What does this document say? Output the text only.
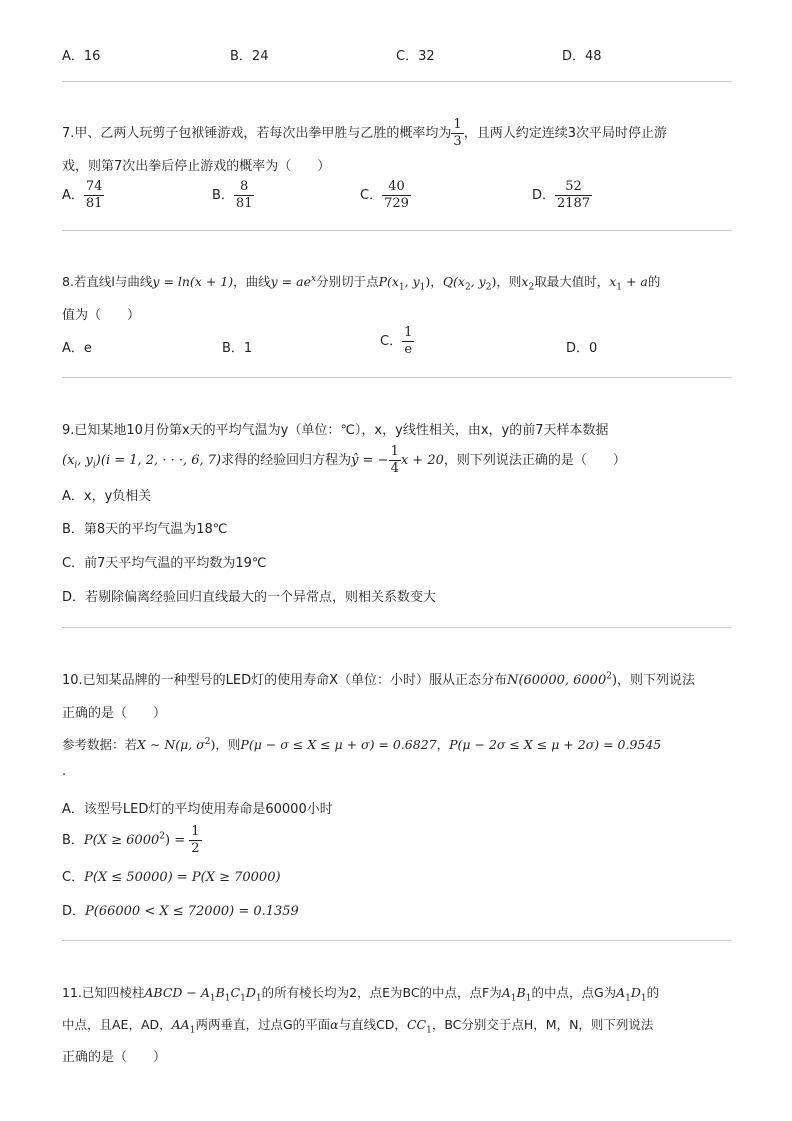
A．16	B．24	C．32	D．48
7.甲、乙两人玩剪子包袱锤游戏，若每次出拳甲胜与乙胜的概率均为 $\frac{1}{3}$ ，且两人约定连续3次平局时停止游
戏，则第7次出拳后停止游戏的概率为（　　）
A． $\frac{74}{81}$	B． $\frac{8}{81}$	C． $\frac{40}{729}$	D． $\frac{52}{2187}$
8.若直线l与曲线y = ln(x + 1)，曲线$y = ae^x$分别切于点$P(x_1$, $y_1$)，$Q(x_2$, $y_2$)，则$x_2$取最大值时，$x_1 + a$的
值为（　　）
A．e	B．1	C． $\frac{1}{e}$	D．0
9.已知某地10月份第x天的平均气温为y（单位：℃），x，y线性相关，由x，y的前7天样本数据
($x_i$, $y_i)(i = 1$, 2, · · ·, 6, 7)求得的经验回归方程为ŷ = − $\frac{1}{4}$ x + 20，则下列说法正确的是（　　）
A．x，y负相关
B．第8天的平均气温为18℃
C．前7天平均气温的平均数为19℃
D．若剔除偏离经验回归直线最大的一个异常点，则相关系数变大
10.已知某品牌的一种型号的LED灯的使用寿命X（单位：小时）服从正态分布N(60000, 6000$^2$)，则下列说法
正确的是（　　）
参考数据：若X ∼ N(μ, $\sigma^2$)，则P(μ − σ ≤ X ≤ μ + σ) = 0.6827，P(μ − 2σ ≤ X ≤ μ + 2σ) = 0.9545
.
A．该型号LED灯的平均使用寿命是60000小时
B．$P(X \ge 6000^2) = \frac{1}{2}$
C．P(X ≤ 50000) = P(X ≥ 70000)
D．P(66000 < X ≤ 72000) = 0.1359
11.已知四棱柱ABCD − $A_1B_1C_1D_1$的所有棱长均为2，点E为BC的中点，点F为$A_1B_1$的中点，点G为$A_1D_1$的
中点，且AE，AD，$AA_1$两两垂直，过点G的平面α与直线CD，$CC_1$，BC分别交于点H，M，N，则下列说法
正确的是（　　）
